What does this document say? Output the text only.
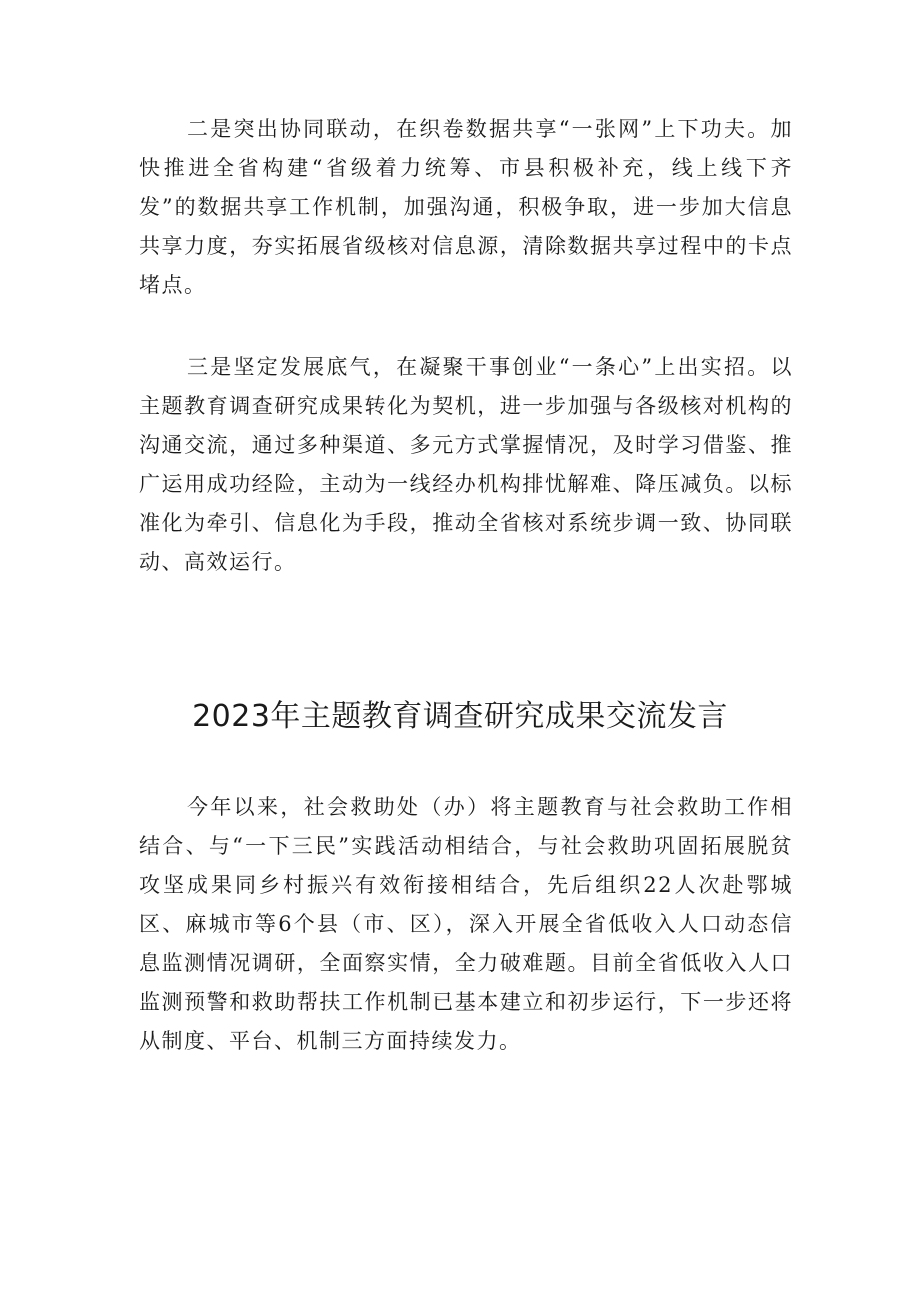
二是突出协同联动，在织卷数据共享“一张网”上下功夫。加快推进全省构建“省级着力统筹、市县积极补充，线上线下齐发”的数据共享工作机制，加强沟通，积极争取，进一步加大信息共享力度，夯实拓展省级核对信息源，清除数据共享过程中的卡点堵点。

三是坚定发展底气，在凝聚干事创业“一条心”上出实招。以主题教育调查研究成果转化为契机，进一步加强与各级核对机构的沟通交流，通过多种渠道、多元方式掌握情况，及时学习借鉴、推广运用成功经险，主动为一线经办机构排忧解难、降压减负。以标准化为牵引、信息化为手段，推动全省核对系统步调一致、协同联动、高效运行。

2023年主题教育调查研究成果交流发言

今年以来，社会救助处（办）将主题教育与社会救助工作相结合、与“一下三民”实践活动相结合，与社会救助巩固拓展脱贫攻坚成果同乡村振兴有效衔接相结合，先后组织22人次赴鄂城区、麻城市等6个县（市、区），深入开展全省低收入人口动态信息监测情况调研，全面察实情，全力破难题。目前全省低收入人口监测预警和救助帮扶工作机制已基本建立和初步运行，下一步还将从制度、平台、机制三方面持续发力。
